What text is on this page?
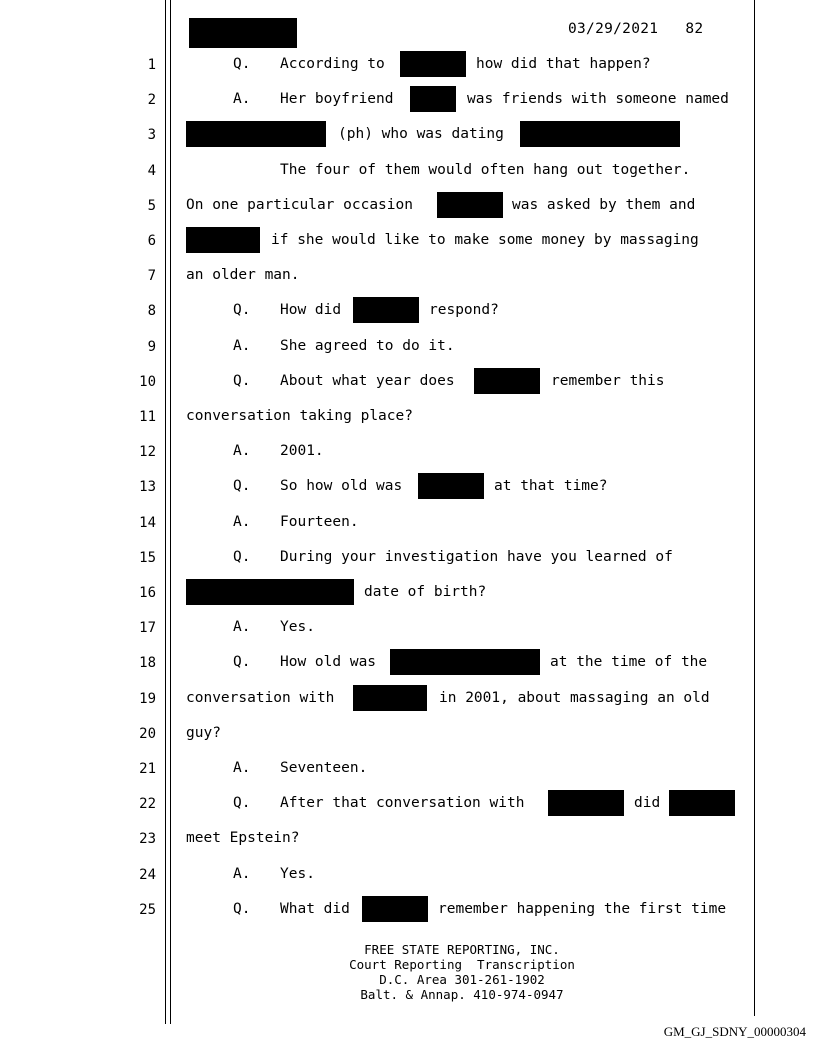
03/29/2021 82
1	Q. According to	how did that happen?
2	A. Her boyfriend	was friends with someone named
3	(ph) who was dating
4	The four of them would often hang out together.
5 On one particular occasion	was asked by them and
6	if she would like to make some money by massaging
7 an older man.
8	Q. How did	respond?
9	A. She agreed to do it.
10	Q. About what year does	remember this
11 conversation taking place?
12	A. 2001.
13	Q. So how old was	at that time?
14	A. Fourteen.
15	Q. During your investigation have you learned of
16	date of birth?
17	A. Yes.
18	Q. How old was	at the time of the
19 conversation with	in 2001, about massaging an old
20 guy?
21	A. Seventeen.
22	Q. After that conversation with	did
23 meet Epstein?
24	A. Yes.
25	Q. What did	remember happening the first time
FREE STATE REPORTING, INC.
Court Reporting  Transcription
D.C. Area 301-261-1902
Balt. & Annap. 410-974-0947
GM_GJ_SDNY_00000304
